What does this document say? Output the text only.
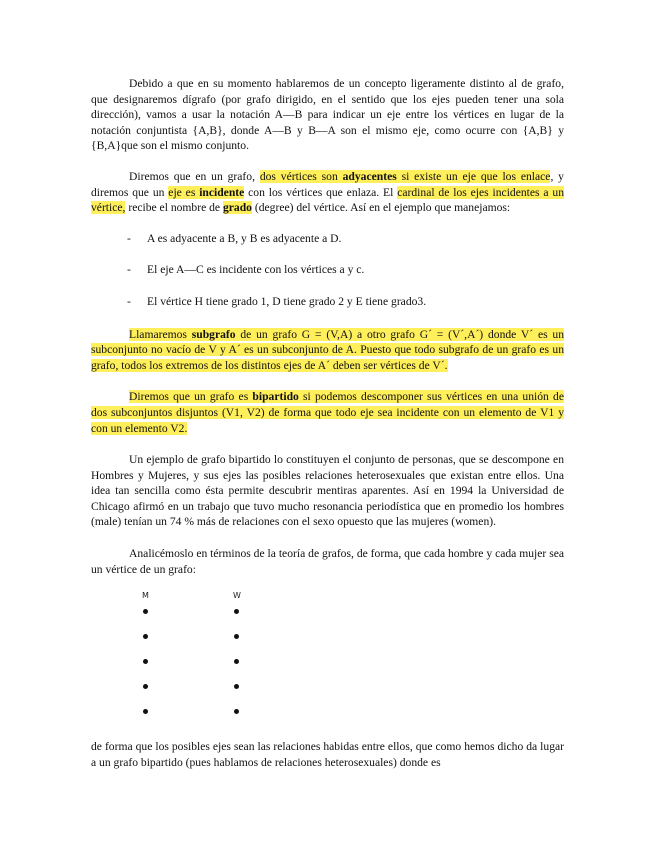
Debido a que en su momento hablaremos de un concepto ligeramente distinto al de grafo, que designaremos dígrafo (por grafo dirigido, en el sentido que los ejes pueden tener una sola dirección), vamos a usar la notación A—B para indicar un eje entre los vértices en lugar de la notación conjuntista {A,B}, donde A—B y B—A son el mismo eje, como ocurre con {A,B} y {B,A}que son el mismo conjunto.

Diremos que en un grafo, dos vértices son adyacentes si existe un eje que los enlace, y diremos que un eje es incidente con los vértices que enlaza. El cardinal de los ejes incidentes a un vértice, recibe el nombre de grado (degree) del vértice. Así en el ejemplo que manejamos:

- A es adyacente a B, y B es adyacente a D.
- El eje A—C es incidente con los vértices a y c.
- El vértice H tiene grado 1, D tiene grado 2 y E tiene grado3.

Llamaremos subgrafo de un grafo G = (V,A) a otro grafo G´ = (V´,A´) donde V´ es un subconjunto no vacío de V y A´ es un subconjunto de A. Puesto que todo subgrafo de un grafo es un grafo, todos los extremos de los distintos ejes de A´ deben ser vértices de V´.

Diremos que un grafo es bipartido si podemos descomponer sus vértices en una unión de dos subconjuntos disjuntos (V1, V2) de forma que todo eje sea incidente con un elemento de V1 y con un elemento V2.

Un ejemplo de grafo bipartido lo constituyen el conjunto de personas, que se descompone en Hombres y Mujeres, y sus ejes las posibles relaciones heterosexuales que existan entre ellos. Una idea tan sencilla como ésta permite descubrir mentiras aparentes. Así en 1994 la Universidad de Chicago afirmó en un trabajo que tuvo mucho resonancia periodística que en promedio los hombres (male) tenían un 74 % más de relaciones con el sexo opuesto que las mujeres (women).

Analicémoslo en términos de la teoría de grafos, de forma, que cada hombre y cada mujer sea un vértice de un grafo:

M	W

de forma que los posibles ejes sean las relaciones habidas entre ellos, que como hemos dicho da lugar a un grafo bipartido (pues hablamos de relaciones heterosexuales) donde es
